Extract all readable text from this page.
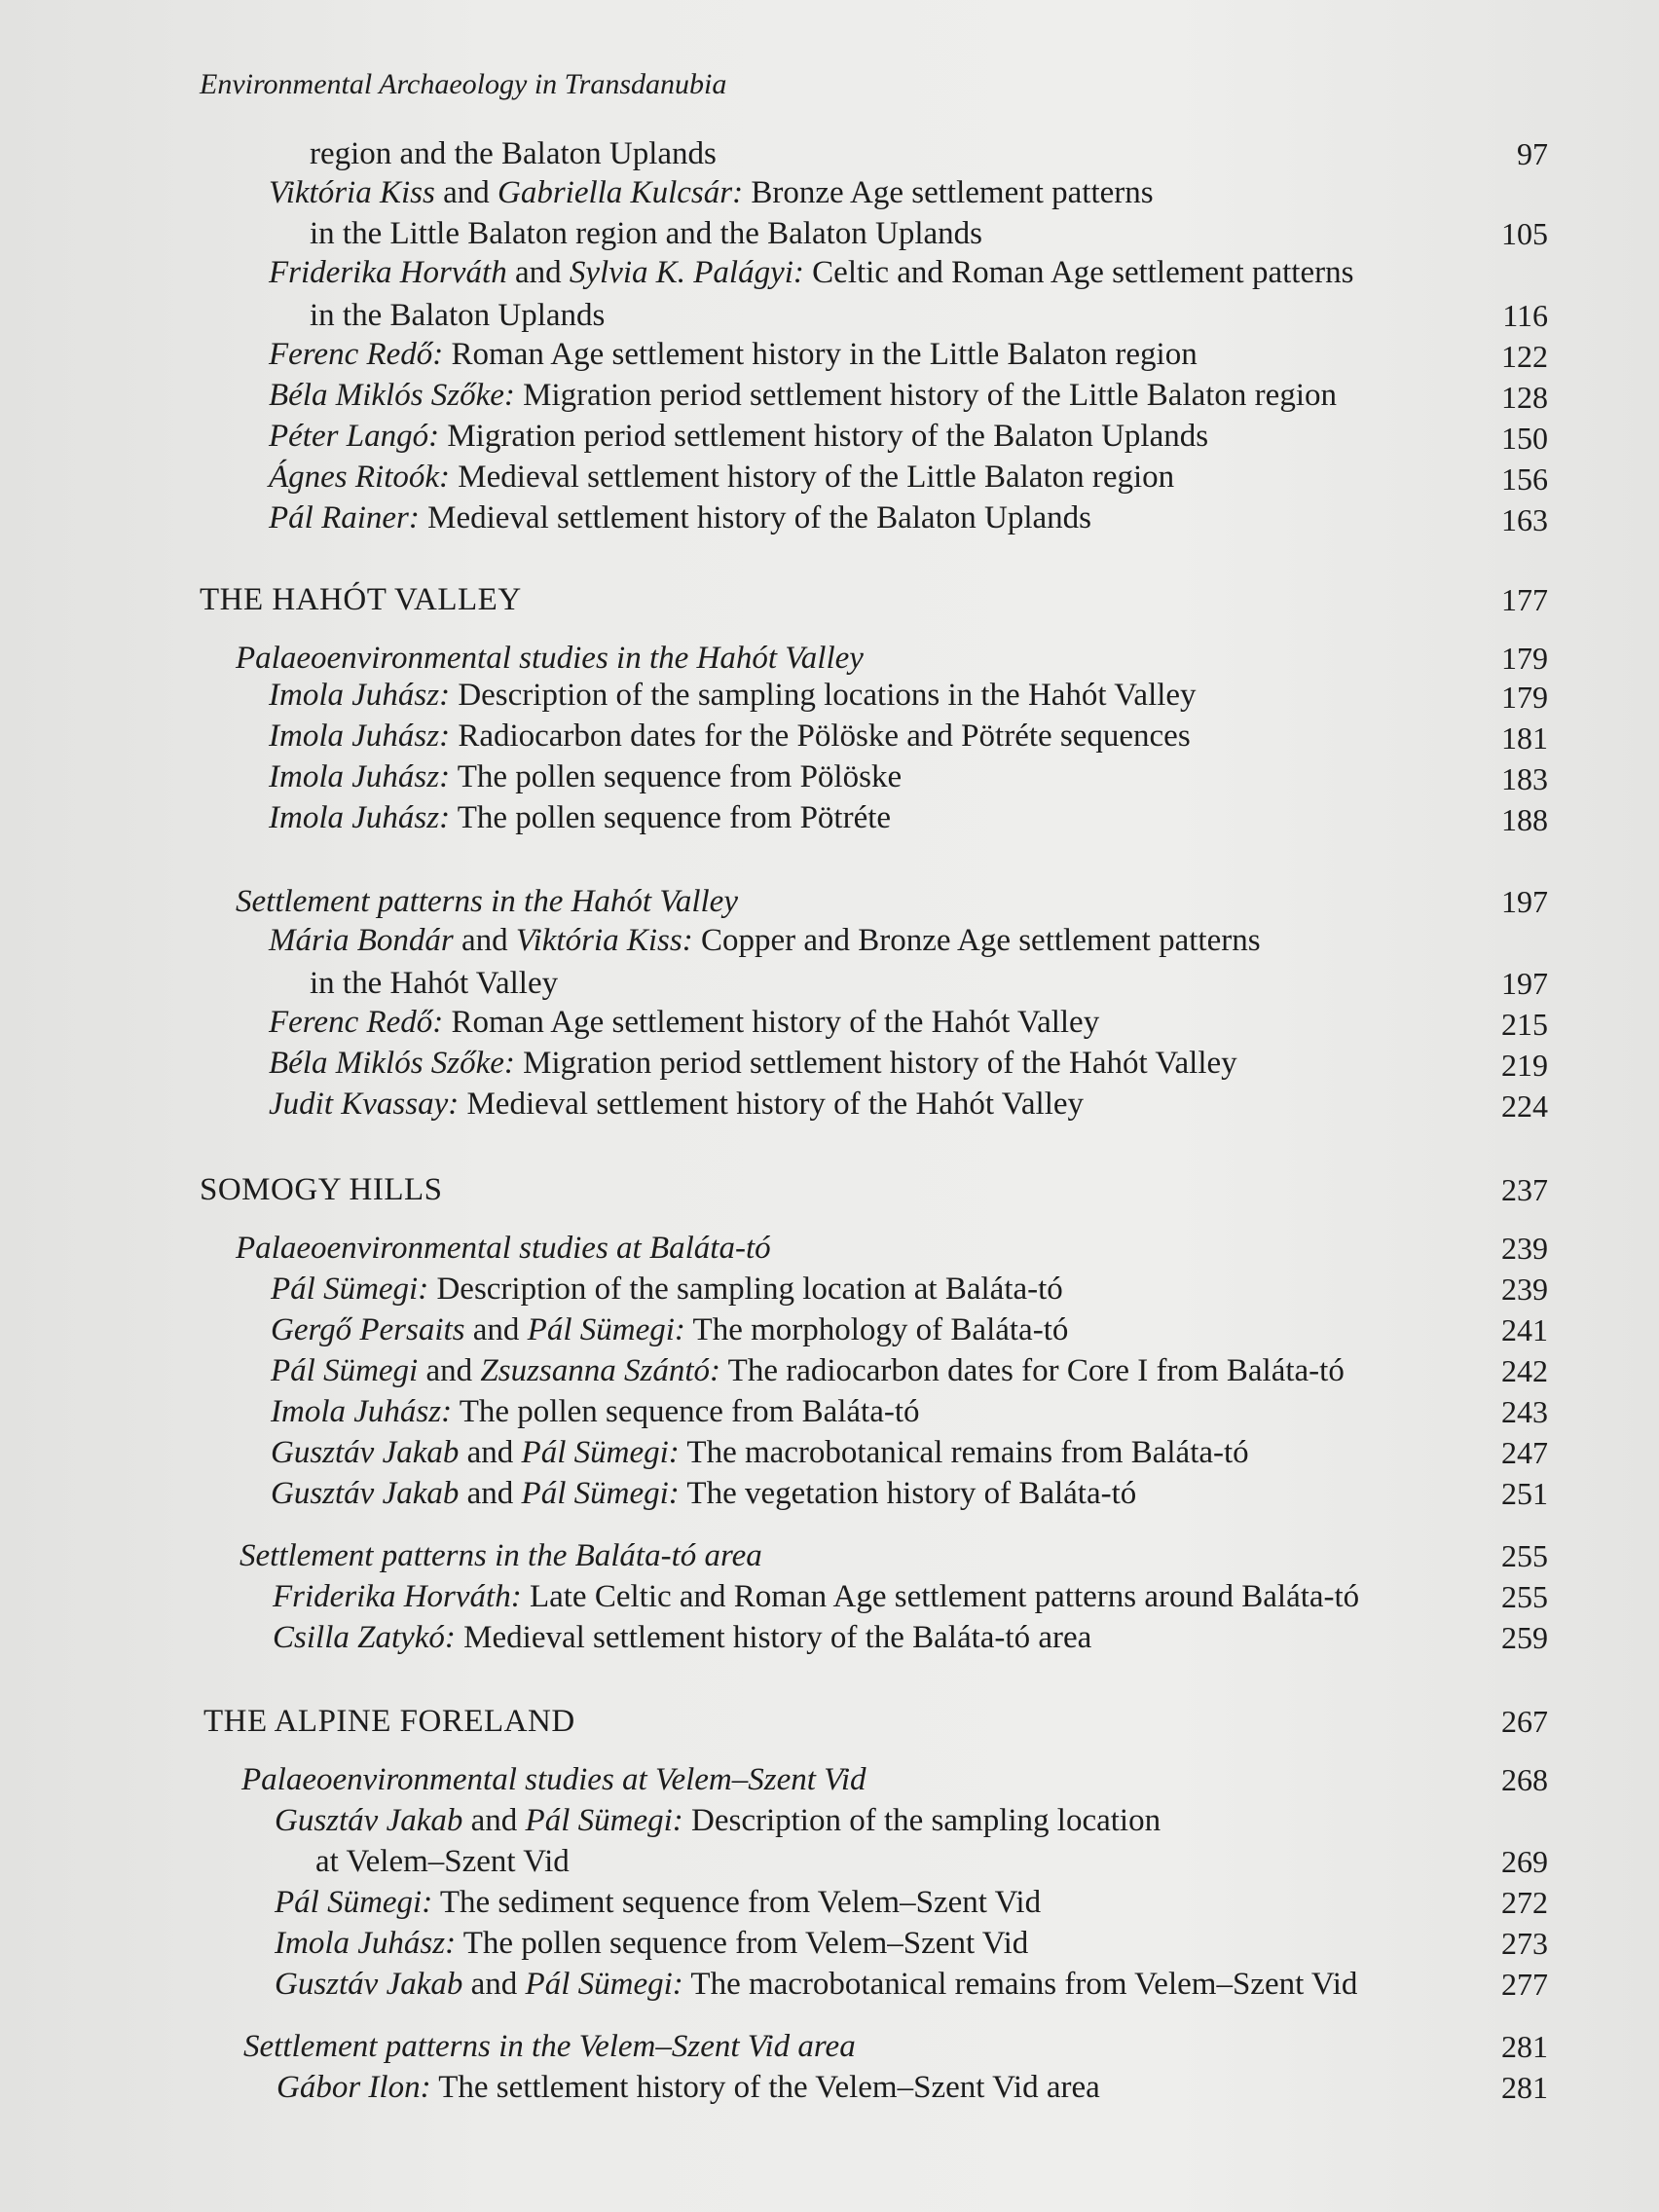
Environmental Archaeology in Transdanubia
region and the Balaton Uplands	97
Viktória Kiss and Gabriella Kulcsár: Bronze Age settlement patterns
in the Little Balaton region and the Balaton Uplands	105
Friderika Horváth and Sylvia K. Palágyi: Celtic and Roman Age settlement patterns
in the Balaton Uplands	116
Ferenc Redő: Roman Age settlement history in the Little Balaton region	122
Béla Miklós Szőke: Migration period settlement history of the Little Balaton region	128
Péter Langó: Migration period settlement history of the Balaton Uplands	150
Ágnes Ritoók: Medieval settlement history of the Little Balaton region	156
Pál Rainer: Medieval settlement history of the Balaton Uplands	163
THE HAHÓT VALLEY	177
Palaeoenvironmental studies in the Hahót Valley	179
Imola Juhász: Description of the sampling locations in the Hahót Valley	179
Imola Juhász: Radiocarbon dates for the Pölöske and Pötréte sequences	181
Imola Juhász: The pollen sequence from Pölöske	183
Imola Juhász: The pollen sequence from Pötréte	188
Settlement patterns in the Hahót Valley	197
Mária Bondár and Viktória Kiss: Copper and Bronze Age settlement patterns
in the Hahót Valley	197
Ferenc Redő: Roman Age settlement history of the Hahót Valley	215
Béla Miklós Szőke: Migration period settlement history of the Hahót Valley	219
Judit Kvassay: Medieval settlement history of the Hahót Valley	224
SOMOGY HILLS	237
Palaeoenvironmental studies at Baláta-tó	239
Pál Sümegi: Description of the sampling location at Baláta-tó	239
Gergő Persaits and Pál Sümegi: The morphology of Baláta-tó	241
Pál Sümegi and Zsuzsanna Szántó: The radiocarbon dates for Core I from Baláta-tó	242
Imola Juhász: The pollen sequence from Baláta-tó	243
Gusztáv Jakab and Pál Sümegi: The macrobotanical remains from Baláta-tó	247
Gusztáv Jakab and Pál Sümegi: The vegetation history of Baláta-tó	251
Settlement patterns in the Baláta-tó area	255
Friderika Horváth: Late Celtic and Roman Age settlement patterns around Baláta-tó	255
Csilla Zatykó: Medieval settlement history of the Baláta-tó area	259
THE ALPINE FORELAND	267
Palaeoenvironmental studies at Velem–Szent Vid	268
Gusztáv Jakab and Pál Sümegi: Description of the sampling location
at Velem–Szent Vid	269
Pál Sümegi: The sediment sequence from Velem–Szent Vid	272
Imola Juhász: The pollen sequence from Velem–Szent Vid	273
Gusztáv Jakab and Pál Sümegi: The macrobotanical remains from Velem–Szent Vid	277
Settlement patterns in the Velem–Szent Vid area	281
Gábor Ilon: The settlement history of the Velem–Szent Vid area	281
